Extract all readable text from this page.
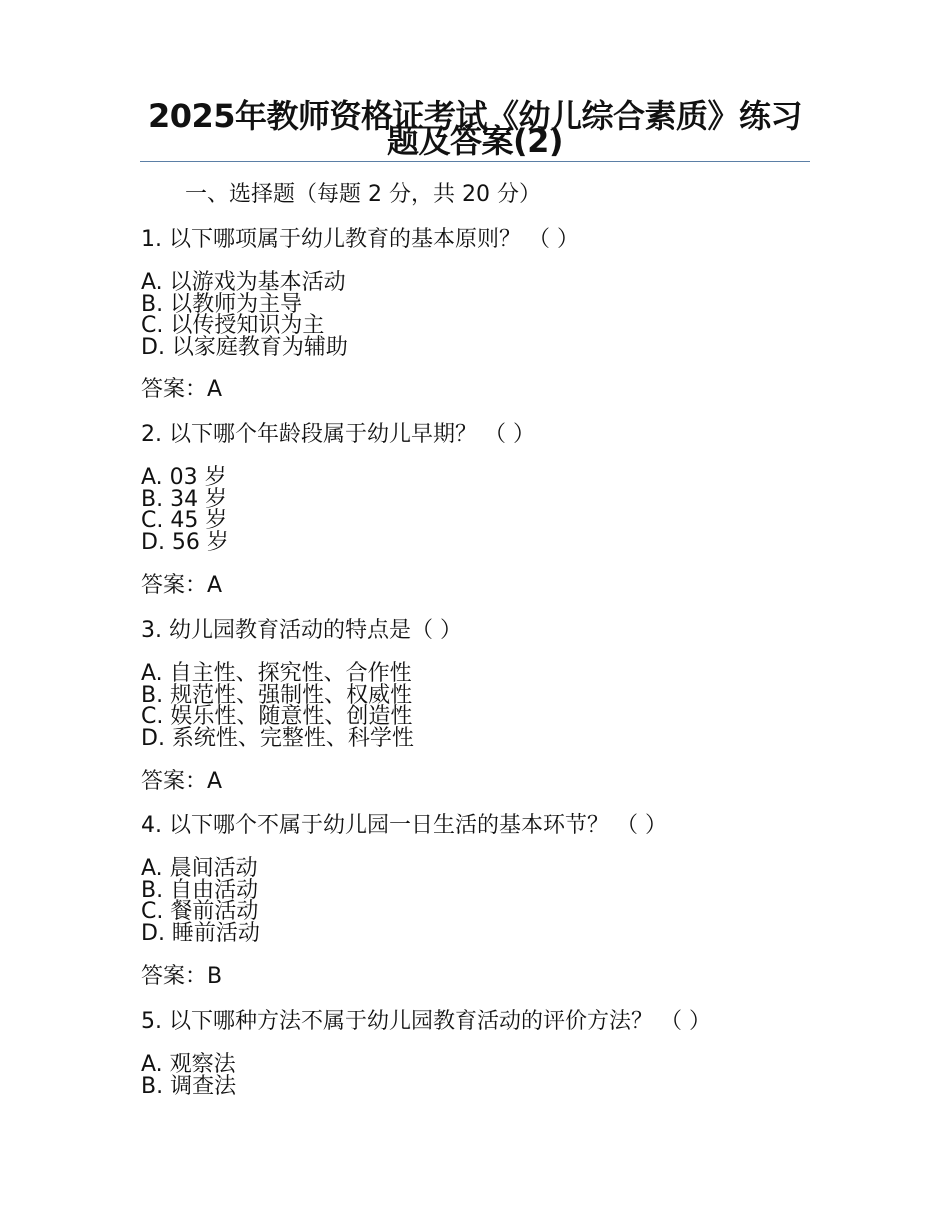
2025年教师资格证考试《幼儿综合素质》练习题及答案(2)
一、选择题（每题 2 分，共 20 分）
1. 以下哪项属于幼儿教育的基本原则？ （ ）
A. 以游戏为基本活动
B. 以教师为主导
C. 以传授知识为主
D. 以家庭教育为辅助
答案：A
2. 以下哪个年龄段属于幼儿早期？ （ ）
A. 03 岁
B. 34 岁
C. 45 岁
D. 56 岁
答案：A
3. 幼儿园教育活动的特点是（ ）
A. 自主性、探究性、合作性
B. 规范性、强制性、权威性
C. 娱乐性、随意性、创造性
D. 系统性、完整性、科学性
答案：A
4. 以下哪个不属于幼儿园一日生活的基本环节？ （ ）
A. 晨间活动
B. 自由活动
C. 餐前活动
D. 睡前活动
答案：B
5. 以下哪种方法不属于幼儿园教育活动的评价方法？ （ ）
A. 观察法
B. 调查法
